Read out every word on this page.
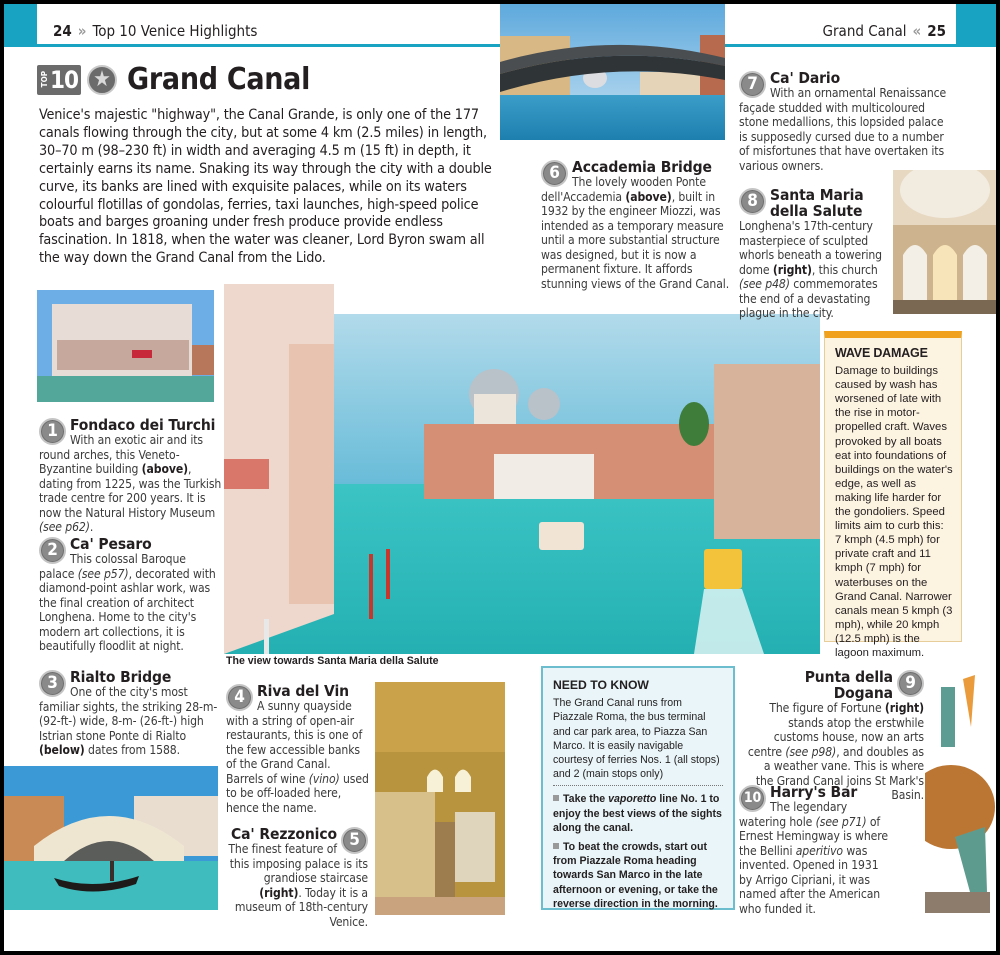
24 » Top 10 Venice Highlights	Grand Canal « 25
TOP 10 ★ Grand Canal

Venice's majestic "highway", the Canal Grande, is only one of the 177 canals flowing through the city, but at some 4 km (2.5 miles) in length, 30–70 m (98–230 ft) in width and averaging 4.5 m (15 ft) in depth, it certainly earns its name. Snaking its way through the city with a double curve, its banks are lined with exquisite palaces, while on its waters colourful flotillas of gondolas, ferries, taxi launches, high-speed police boats and barges groaning under fresh produce provide endless fascination. In 1818, when the water was cleaner, Lord Byron swam all the way down the Grand Canal from the Lido.

1 Fondaco dei Turchi
With an exotic air and its round arches, this Veneto-Byzantine building (above), dating from 1225, was the Turkish trade centre for 200 years. It is now the Natural History Museum (see p62).
2 Ca' Pesaro
This colossal Baroque palace (see p57), decorated with diamond-point ashlar work, was the final creation of architect Longhena. Home to the city's modern art collections, it is beautifully floodlit at night.
3 Rialto Bridge
One of the city's most familiar sights, the striking 28-m- (92-ft-) wide, 8-m- (26-ft-) high Istrian stone Ponte di Rialto (below) dates from 1588.
4 Riva del Vin
A sunny quayside with a string of open-air restaurants, this is one of the few accessible banks of the Grand Canal. Barrels of wine (vino) used to be off-loaded here, hence the name.
5
Ca' Rezzonico
The finest feature of this imposing palace is its grandiose staircase (right). Today it is a museum of 18th-century Venice.
6 Accademia Bridge
The lovely wooden Ponte dell'Accademia (above), built in 1932 by the engineer Miozzi, was intended as a temporary measure until a more substantial structure was designed, but it is now a permanent fixture. It affords stunning views of the Grand Canal.
7 Ca' Dario
With an ornamental Renaissance façade studded with multicoloured stone medallions, this lopsided palace is supposedly cursed due to a number of misfortunes that have overtaken its various owners.
8 Santa Maria della Salute
Longhena's 17th-century masterpiece of sculpted whorls beneath a towering dome (right), this church (see p48) commemorates the end of a devastating plague in the city.
9
Punta della Dogana
The figure of Fortune (right) stands atop the erstwhile customs house, now an arts centre (see p98), and doubles as a weather vane. This is where the Grand Canal joins St Mark's Basin.
10 Harry's Bar
The legendary watering hole (see p71) of Ernest Hemingway is where the Bellini aperitivo was invented. Opened in 1931 by Arrigo Cipriani, it was named after the American who funded it.
The view towards Santa Maria della Salute
WAVE DAMAGE

Damage to buildings caused by wash has worsened of late with the rise in motor-propelled craft. Waves provoked by all boats eat into foundations of buildings on the water's edge, as well as making life harder for the gondoliers. Speed limits aim to curb this: 7 kmph (4.5 mph) for private craft and 11 kmph (7 mph) for waterbuses on the Grand Canal. Narrower canals mean 5 kmph (3 mph), while 20 kmph (12.5 mph) is the lagoon maximum.

NEED TO KNOW

The Grand Canal runs from Piazzale Roma, the bus terminal and car park area, to Piazza San Marco. It is easily navigable courtesy of ferries Nos. 1 (all stops) and 2 (main stops only)

Take the vaporetto line No. 1 to enjoy the best views of the sights along the canal.

To beat the crowds, start out from Piazzale Roma heading towards San Marco in the late afternoon or evening, or take the reverse direction in the morning.
